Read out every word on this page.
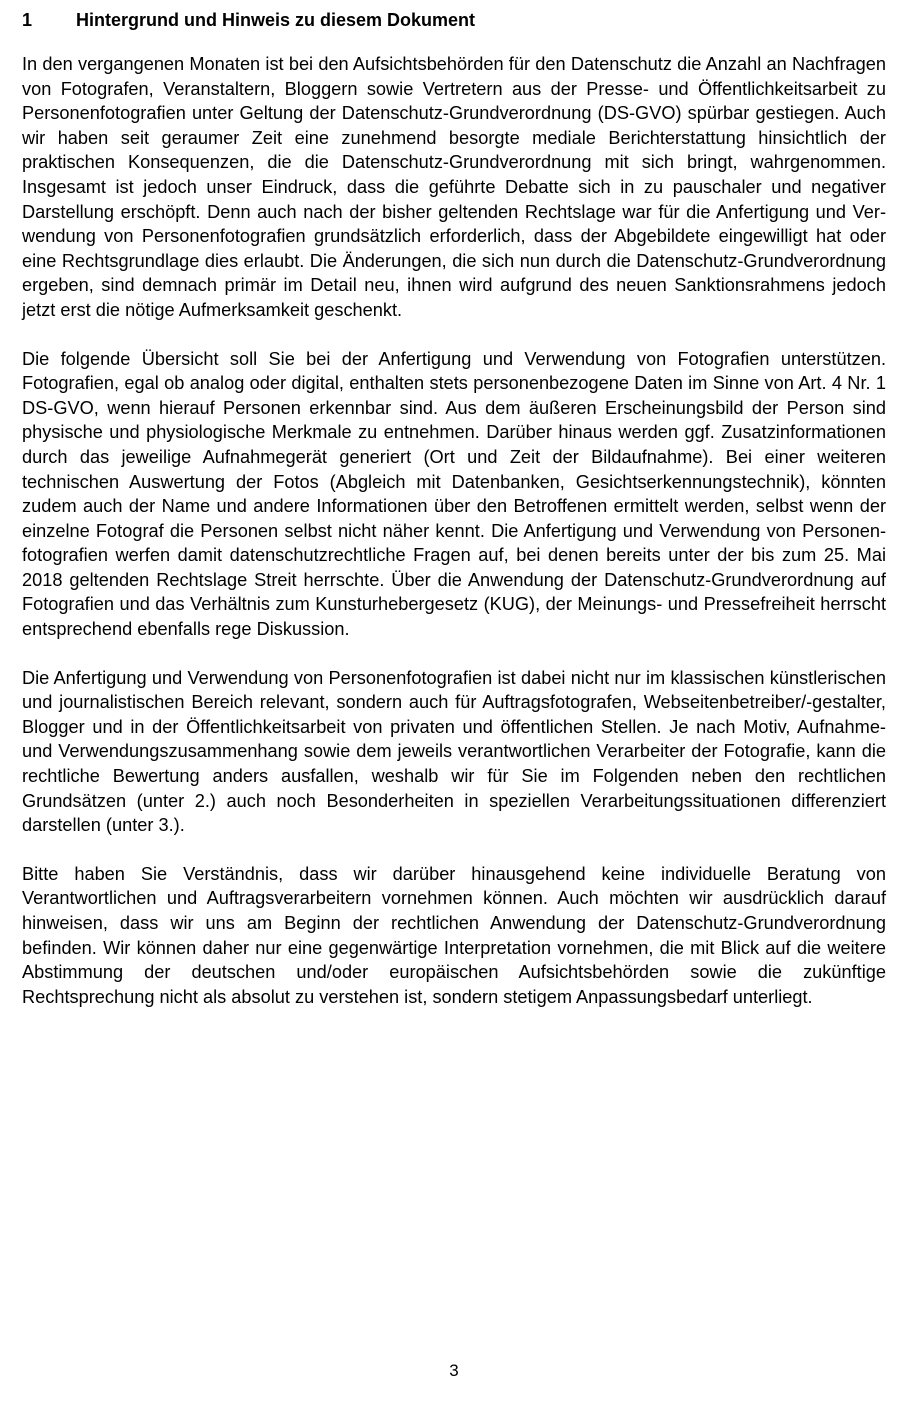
1	Hintergrund und Hinweis zu diesem Dokument

In den vergangenen Monaten ist bei den Aufsichtsbehörden für den Datenschutz die Anzahl an Nachfragen von Fotografen, Veranstaltern, Bloggern sowie Vertretern aus der Presse- und Öffentlichkeitsarbeit zu Personenfotografien unter Geltung der Datenschutz-Grundverordnung (DS-GVO) spürbar gestiegen. Auch wir haben seit geraumer Zeit eine zunehmend besorgte mediale Berichterstattung hinsichtlich der praktischen Konsequenzen, die die Datenschutz-Grundverordnung mit sich bringt, wahrgenommen. Insgesamt ist jedoch unser Eindruck, dass die geführte Debatte sich in zu pauschaler und negativer Darstellung erschöpft. Denn auch nach der bisher geltenden Rechtslage war für die Anfertigung und Verwendung von Personenfotografien grundsätzlich erforderlich, dass der Abgebildete eingewilligt hat oder eine Rechtsgrundlage dies erlaubt. Die Änderungen, die sich nun durch die Datenschutz-Grundverordnung ergeben, sind demnach primär im Detail neu, ihnen wird aufgrund des neuen Sanktionsrahmens jedoch jetzt erst die nötige Aufmerksamkeit geschenkt.

Die folgende Übersicht soll Sie bei der Anfertigung und Verwendung von Fotografien unterstützen. Fotografien, egal ob analog oder digital, enthalten stets personenbezogene Daten im Sinne von Art. 4 Nr. 1 DS-GVO, wenn hierauf Personen erkennbar sind. Aus dem äußeren Erscheinungsbild der Person sind physische und physiologische Merkmale zu entnehmen. Darüber hinaus werden ggf. Zusatzinformationen durch das jeweilige Aufnahmegerät generiert (Ort und Zeit der Bildaufnahme). Bei einer weiteren technischen Auswertung der Fotos (Abgleich mit Datenbanken, Gesichtserkennungstechnik), könnten zudem auch der Name und andere Informationen über den Betroffenen ermittelt werden, selbst wenn der einzelne Fotograf die Personen selbst nicht näher kennt. Die Anfertigung und Verwendung von Personenfotografien werfen damit datenschutzrechtliche Fragen auf, bei denen bereits unter der bis zum 25. Mai 2018 geltenden Rechtslage Streit herrschte. Über die Anwendung der Datenschutz-Grundverordnung auf Fotografien und das Verhältnis zum Kunsturhebergesetz (KUG), der Meinungs- und Pressefreiheit herrscht entsprechend ebenfalls rege Diskussion.

Die Anfertigung und Verwendung von Personenfotografien ist dabei nicht nur im klassischen künstlerischen und journalistischen Bereich relevant, sondern auch für Auftragsfotografen, Webseitenbetreiber/-gestalter, Blogger und in der Öffentlichkeitsarbeit von privaten und öffentlichen Stellen. Je nach Motiv, Aufnahme- und Verwendungszusammenhang sowie dem jeweils verantwortlichen Verarbeiter der Fotografie, kann die rechtliche Bewertung anders ausfallen, weshalb wir für Sie im Folgenden neben den rechtlichen Grundsätzen (unter 2.) auch noch Besonderheiten in speziellen Verarbeitungssituationen differenziert darstellen (unter 3.).

Bitte haben Sie Verständnis, dass wir darüber hinausgehend keine individuelle Beratung von Verantwortlichen und Auftragsverarbeitern vornehmen können. Auch möchten wir ausdrücklich darauf hinweisen, dass wir uns am Beginn der rechtlichen Anwendung der Datenschutz-Grundverordnung befinden. Wir können daher nur eine gegenwärtige Interpretation vornehmen, die mit Blick auf die weitere Abstimmung der deutschen und/oder europäischen Aufsichtsbehörden sowie die zukünftige Rechtsprechung nicht als absolut zu verstehen ist, sondern stetigem Anpassungsbedarf unterliegt.

3
